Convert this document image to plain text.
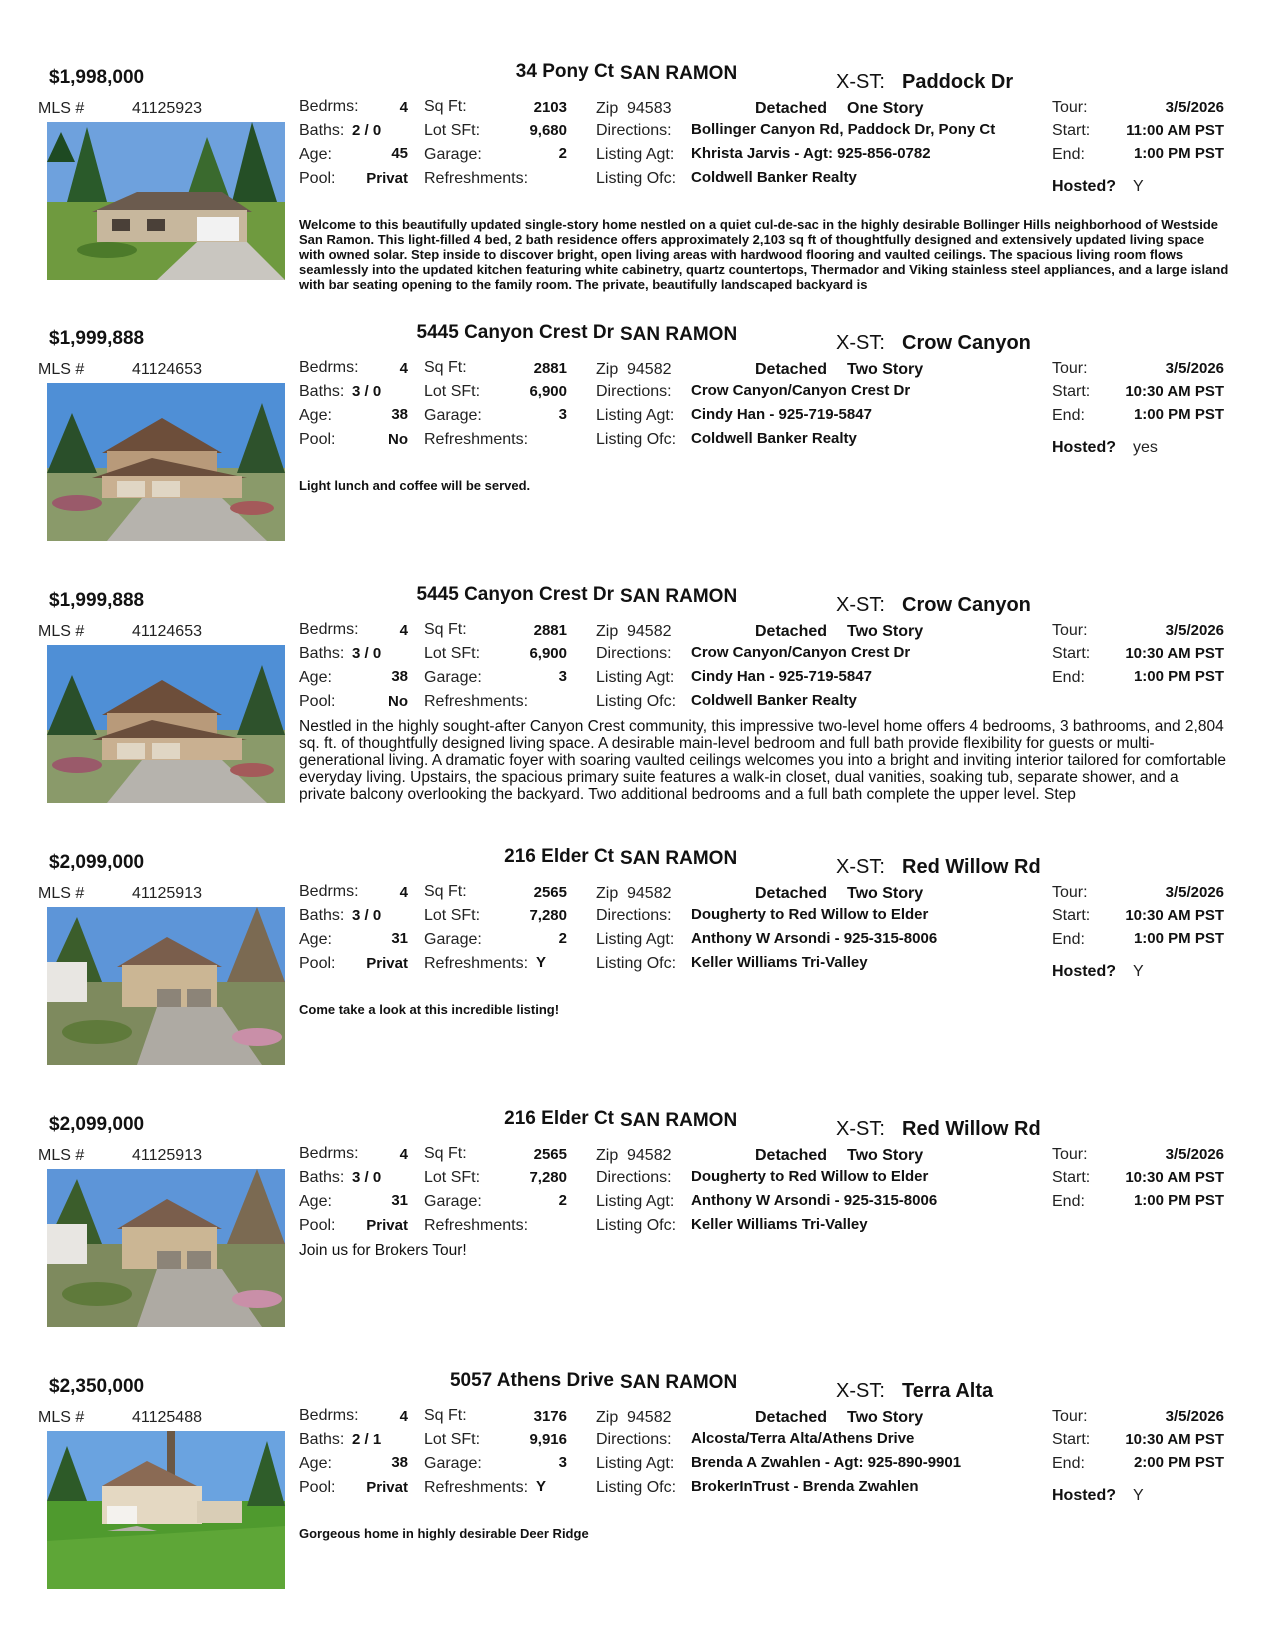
$1,998,000	34 Pony Ct SAN RAMON	X-ST: Paddock Dr
MLS #	41125923	Bedrms:	4 Sq Ft:	2103 Zip 94583	Detached One Story	Tour:	3/5/2026
Baths: 2 / 0	Lot SFt:	9,680 Directions: Bollinger Canyon Rd, Paddock Dr, Pony Ct	Start:	11:00 AM PST
Age:	45 Garage:	2 Listing Agt: Khrista Jarvis - Agt: 925-856-0782	End:	1:00 PM PST
Pool:	Privat Refreshments:	Listing Ofc: Coldwell Banker Realty
Hosted? Y
Welcome to this beautifully updated single-story home nestled on a quiet cul-de-sac in the highly desirable Bollinger Hills neighborhood of Westside San Ramon. This light-filled 4 bed, 2 bath residence offers approximately 2,103 sq ft of thoughtfully designed and extensively updated living space with owned solar. Step inside to discover bright, open living areas with hardwood flooring and vaulted ceilings. The spacious living room flows seamlessly into the updated kitchen featuring white cabinetry, quartz countertops, Thermador and Viking stainless steel appliances, and a large island with bar seating opening to the family room. The private, beautifully landscaped backyard is
$1,999,888	5445 Canyon Crest Dr SAN RAMON	X-ST: Crow Canyon
MLS #	41124653	Bedrms:	4 Sq Ft:	2881 Zip 94582	Detached Two Story	Tour:	3/5/2026
Baths: 3 / 0	Lot SFt:	6,900 Directions: Crow Canyon/Canyon Crest Dr	Start:	10:30 AM PST
Age:	38 Garage:	3 Listing Agt: Cindy Han - 925-719-5847	End:	1:00 PM PST
Pool:	No Refreshments:	Listing Ofc: Coldwell Banker Realty
Hosted? yes
Light lunch and coffee will be served.
$1,999,888	5445 Canyon Crest Dr SAN RAMON	X-ST: Crow Canyon
MLS #	41124653	Bedrms:	4 Sq Ft:	2881 Zip 94582	Detached Two Story	Tour:	3/5/2026
Baths: 3 / 0	Lot SFt:	6,900 Directions: Crow Canyon/Canyon Crest Dr	Start:	10:30 AM PST
Age:	38 Garage:	3 Listing Agt: Cindy Han - 925-719-5847	End:	1:00 PM PST
Pool:	No Refreshments:	Listing Ofc: Coldwell Banker Realty
Nestled in the highly sought-after Canyon Crest community, this impressive two-level home offers 4 bedrooms, 3 bathrooms, and 2,804 sq. ft. of thoughtfully designed living space. A desirable main-level bedroom and full bath provide flexibility for guests or multi-generational living. A dramatic foyer with soaring vaulted ceilings welcomes you into a bright and inviting interior tailored for comfortable everyday living. Upstairs, the spacious primary suite features a walk-in closet, dual vanities, soaking tub, separate shower, and a private balcony overlooking the backyard. Two additional bedrooms and a full bath complete the upper level. Step
$2,099,000	216 Elder Ct SAN RAMON	X-ST: Red Willow Rd
MLS #	41125913	Bedrms:	4 Sq Ft:	2565 Zip 94582	Detached Two Story	Tour:	3/5/2026
Baths: 3 / 0	Lot SFt:	7,280 Directions: Dougherty to Red Willow to Elder	Start:	10:30 AM PST
Age:	31 Garage:	2 Listing Agt: Anthony W Arsondi - 925-315-8006	End:	1:00 PM PST
Pool:	Privat Refreshments: Y	Listing Ofc: Keller Williams Tri-Valley
Hosted? Y
Come take a look at this incredible listing!
$2,099,000	216 Elder Ct SAN RAMON	X-ST: Red Willow Rd
MLS #	41125913	Bedrms:	4 Sq Ft:	2565 Zip 94582	Detached Two Story	Tour:	3/5/2026
Baths: 3 / 0	Lot SFt:	7,280 Directions: Dougherty to Red Willow to Elder	Start:	10:30 AM PST
Age:	31 Garage:	2 Listing Agt: Anthony W Arsondi - 925-315-8006	End:	1:00 PM PST
Pool:	Privat Refreshments:	Listing Ofc: Keller Williams Tri-Valley
Join us for Brokers Tour!
$2,350,000	5057 Athens Drive SAN RAMON	X-ST: Terra Alta
MLS #	41125488	Bedrms:	4 Sq Ft:	3176 Zip 94582	Detached Two Story	Tour:	3/5/2026
Baths: 2 / 1	Lot SFt:	9,916 Directions: Alcosta/Terra Alta/Athens Drive	Start:	10:30 AM PST
Age:	38 Garage:	3 Listing Agt: Brenda A Zwahlen - Agt: 925-890-9901	End:	2:00 PM PST
Pool:	Privat Refreshments: Y	Listing Ofc: BrokerInTrust - Brenda Zwahlen
Hosted? Y
Gorgeous home in highly desirable Deer Ridge
